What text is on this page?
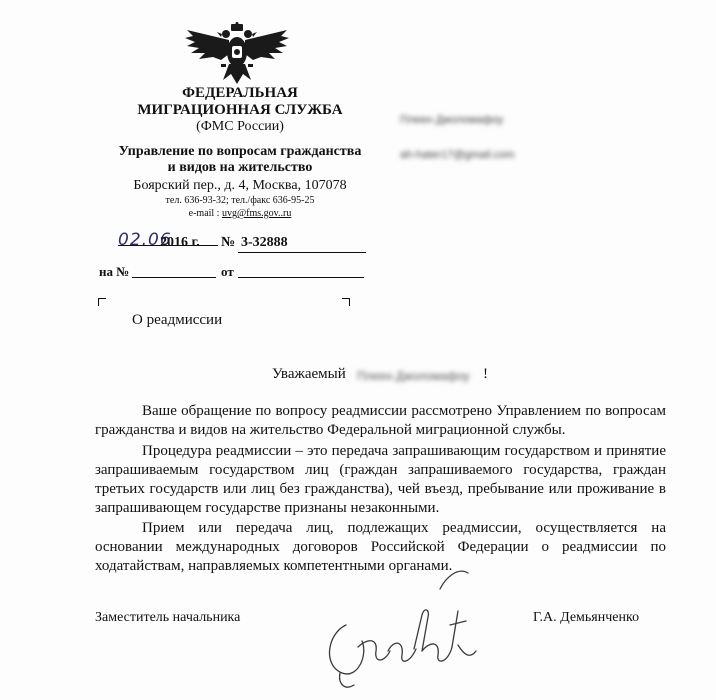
ФЕДЕРАЛЬНАЯ
МИГРАЦИОННАЯ СЛУЖБА
(ФМС России)
Управление по вопросам гражданства
и видов на жительство
Боярский пер., д. 4, Москва, 107078
тел. 636-93-32; тел./факс 636-95-25
e-mail : uvg@fms.gov..ru
Плеен Джоломафоу
ah-hater17@gmail.com
02.06
2016 г. № 3-32888
на №	от
О реадмиссии
Уважаемый Плеен Джоломафоу !

Ваше обращение по вопросу реадмиссии рассмотрено Управлением по вопросам гражданства и видов на жительство Федеральной миграционной службы.

Процедура реадмиссии – это передача запрашивающим государством и принятие запрашиваемым государством лиц (граждан запрашиваемого государства, граждан третьих государств или лиц без гражданства), чей въезд, пребывание или проживание в запрашивающем государстве признаны незаконными.

Прием или передача лиц, подлежащих реадмиссии, осуществляется на основании международных договоров Российской Федерации о реадмиссии по ходатайствам, направляемых компетентными органами.

Заместитель начальника	Г.А. Демьянченко
